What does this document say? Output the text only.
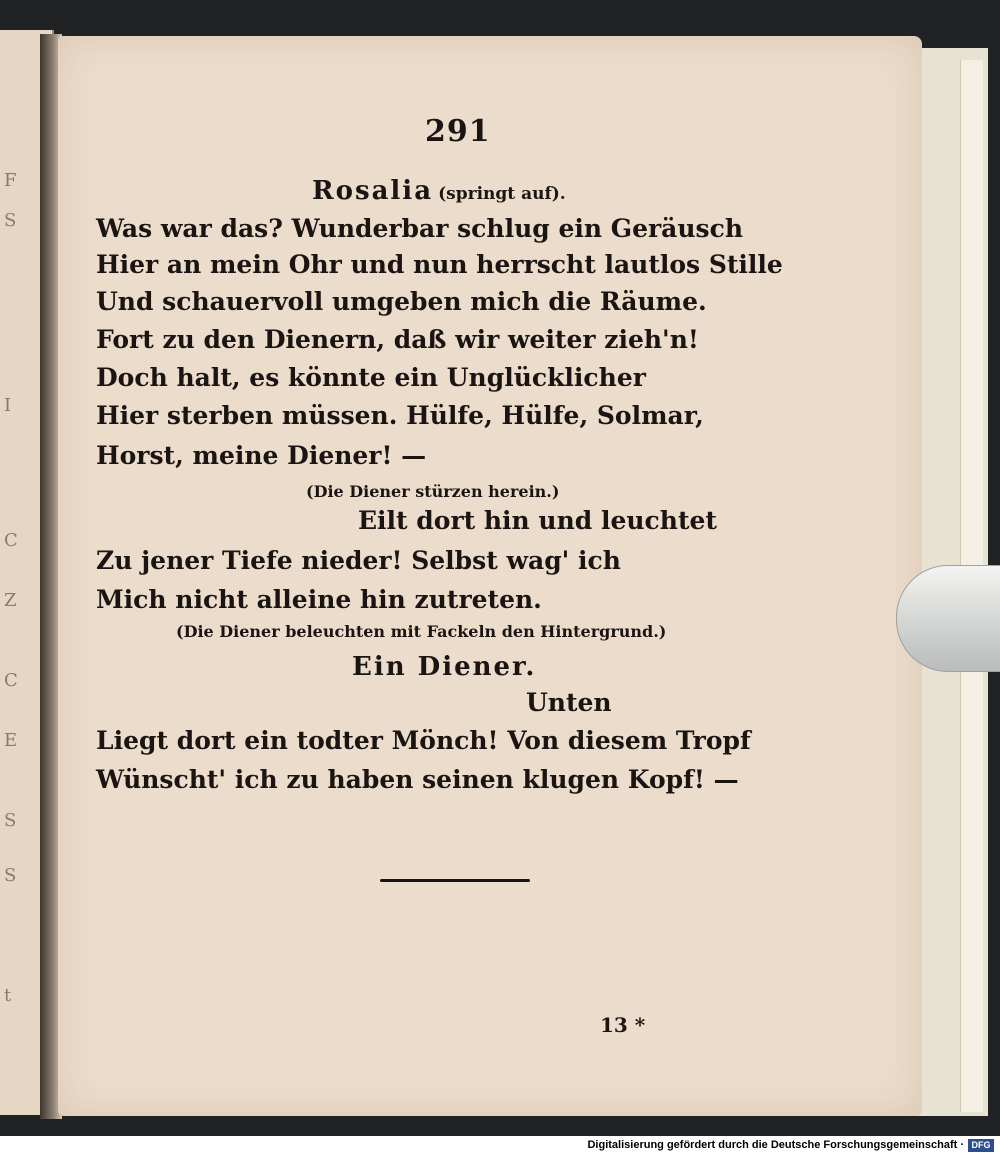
F
S
I
C
Z
C
E
S
S
t
291
Rosalia (springt auf).
Was war das? Wunderbar schlug ein Geräusch
Hier an mein Ohr und nun herrscht lautlos Stille
Und schauervoll umgeben mich die Räume.
Fort zu den Dienern, daß wir weiter zieh'n!
Doch halt, es könnte ein Unglücklicher
Hier sterben müssen. Hülfe, Hülfe, Solmar,
Horst, meine Diener! —
(Die Diener stürzen herein.)
Eilt dort hin und leuchtet
Zu jener Tiefe nieder! Selbst wag' ich
Mich nicht alleine hin zutreten.
(Die Diener beleuchten mit Fackeln den Hintergrund.)
Ein Diener.
Unten
Liegt dort ein todter Mönch! Von diesem Tropf
Wünscht' ich zu haben seinen klugen Kopf! —
13 *
Digitalisierung gefördert durch die Deutsche Forschungsgemeinschaft · DFG
